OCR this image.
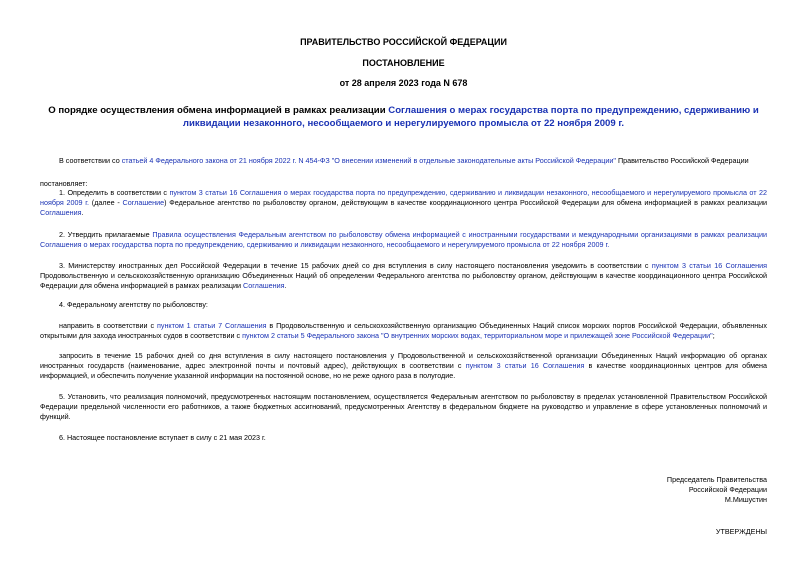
ПРАВИТЕЛЬСТВО РОССИЙСКОЙ ФЕДЕРАЦИИ
ПОСТАНОВЛЕНИЕ
от 28 апреля 2023 года N 678
О порядке осуществления обмена информацией в рамках реализации Соглашения о мерах государства порта по предупреждению, сдерживанию и ликвидации незаконного, несообщаемого и нерегулируемого промысла от 22 ноября 2009 г.
В соответствии со статьей 4 Федерального закона от 21 ноября 2022 г. N 454-ФЗ "О внесении изменений в отдельные законодательные акты Российской Федерации" Правительство Российской Федерации
постановляет:
1. Определить в соответствии с пунктом 3 статьи 16 Соглашения о мерах государства порта по предупреждению, сдерживанию и ликвидации незаконного, несообщаемого и нерегулируемого промысла от 22 ноября 2009 г. (далее - Соглашение) Федеральное агентство по рыболовству органом, действующим в качестве координационного центра Российской Федерации для обмена информацией в рамках реализации Соглашения.
2. Утвердить прилагаемые Правила осуществления Федеральным агентством по рыболовству обмена информацией с иностранными государствами и международными организациями в рамках реализации Соглашения о мерах государства порта по предупреждению, сдерживанию и ликвидации незаконного, несообщаемого и нерегулируемого промысла от 22 ноября 2009 г.
3. Министерству иностранных дел Российской Федерации в течение 15 рабочих дней со дня вступления в силу настоящего постановления уведомить в соответствии с пунктом 3 статьи 16 Соглашения Продовольственную и сельскохозяйственную организацию Объединенных Наций об определении Федерального агентства по рыболовству органом, действующим в качестве координационного центра Российской Федерации для обмена информацией в рамках реализации Соглашения.
4. Федеральному агентству по рыболовству:
направить в соответствии с пунктом 1 статьи 7 Соглашения в Продовольственную и сельскохозяйственную организацию Объединенных Наций список морских портов Российской Федерации, объявленных открытыми для захода иностранных судов в соответствии с пунктом 2 статьи 5 Федерального закона "О внутренних морских водах, территориальном море и прилежащей зоне Российской Федерации";
запросить в течение 15 рабочих дней со дня вступления в силу настоящего постановления у Продовольственной и сельскохозяйственной организации Объединенных Наций информацию об органах иностранных государств (наименование, адрес электронной почты и почтовый адрес), действующих в соответствии с пунктом 3 статьи 16 Соглашения в качестве координационных центров для обмена информацией, и обеспечить получение указанной информации на постоянной основе, но не реже одного раза в полугодие.
5. Установить, что реализация полномочий, предусмотренных настоящим постановлением, осуществляется Федеральным агентством по рыболовству в пределах установленной Правительством Российской Федерации предельной численности его работников, а также бюджетных ассигнований, предусмотренных Агентству в федеральном бюджете на руководство и управление в сфере установленных полномочий и функций.
6. Настоящее постановление вступает в силу с 21 мая 2023 г.
Председатель Правительства
Российской Федерации
М.Мишустин
УТВЕРЖДЕНЫ
